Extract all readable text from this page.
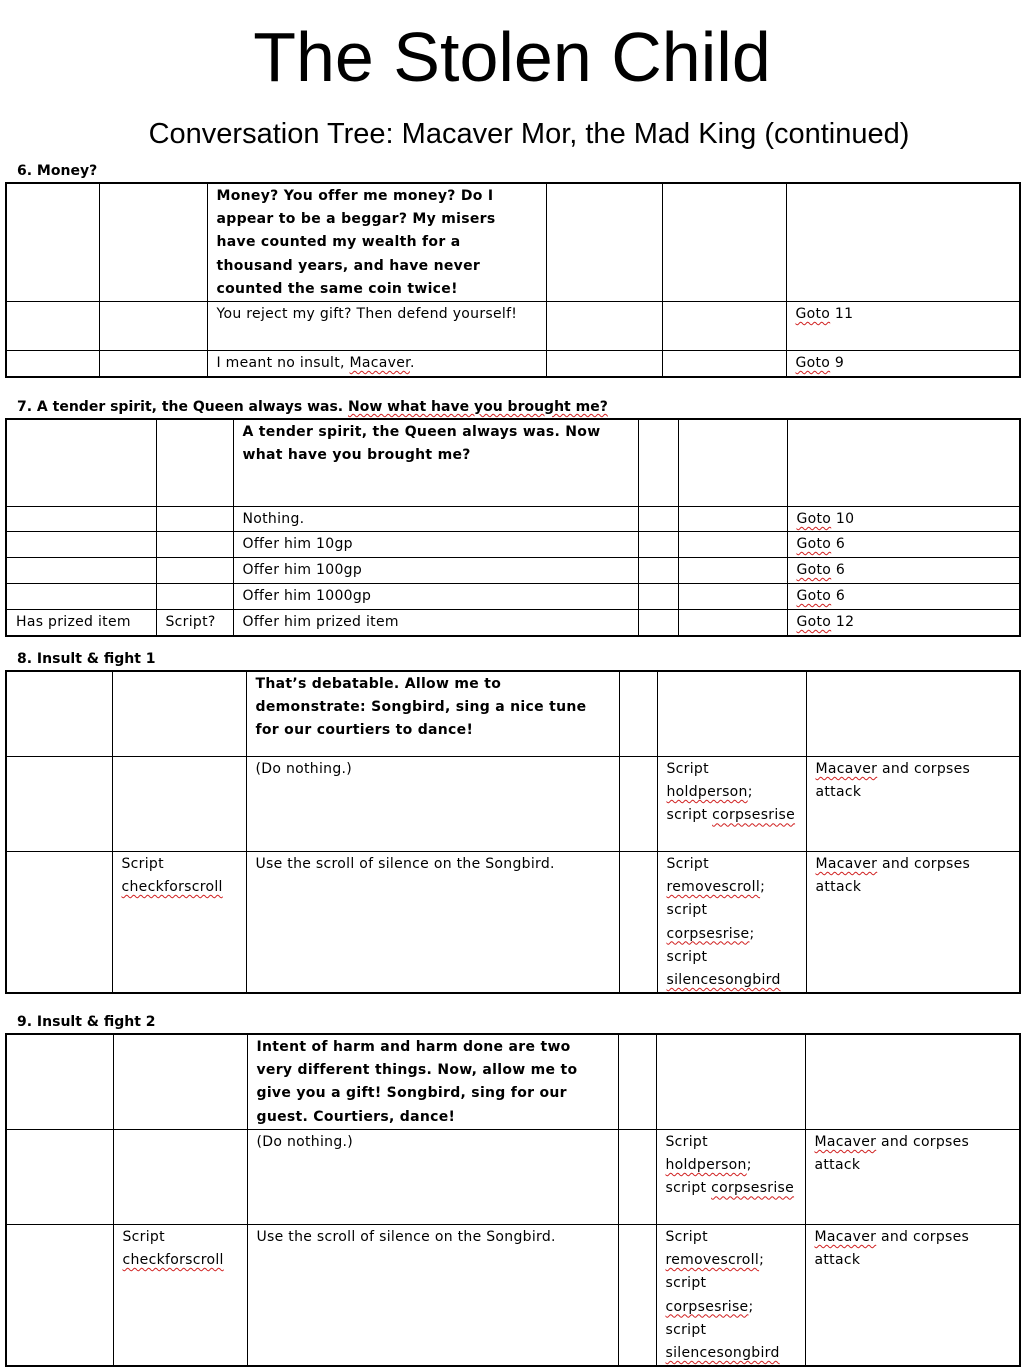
The Stolen Child
Conversation Tree: Macaver Mor, the Mad King (continued)
6. Money?
		Money? You offer me money? Do I appear to be a beggar? My misers have counted my wealth for a thousand years, and have never counted the same coin twice!			
		You reject my gift? Then defend yourself!			Goto 11
		I meant no insult, Macaver.			Goto 9
7. A tender spirit, the Queen always was. Now what have you brought me?
		A tender spirit, the Queen always was. Now what have you brought me?			
		Nothing.			Goto 10
		Offer him 10gp			Goto 6
		Offer him 100gp			Goto 6
		Offer him 1000gp			Goto 6
Has prized item	Script?	Offer him prized item			Goto 12
8. Insult & fight 1
		That’s debatable. Allow me to demonstrate: Songbird, sing a nice tune for our courtiers to dance!			
		(Do nothing.)		Script holdperson; script corpsesrise	Macaver and corpses attack
	Script checkforscroll	Use the scroll of silence on the Songbird.		Script removescroll; script corpsesrise; script silencesongbird	Macaver and corpses attack
9. Insult & fight 2
		Intent of harm and harm done are two very different things. Now, allow me to give you a gift! Songbird, sing for our guest. Courtiers, dance!			
		(Do nothing.)		Script holdperson; script corpsesrise	Macaver and corpses attack
	Script checkforscroll	Use the scroll of silence on the Songbird.		Script removescroll; script corpsesrise; script silencesongbird	Macaver and corpses attack
